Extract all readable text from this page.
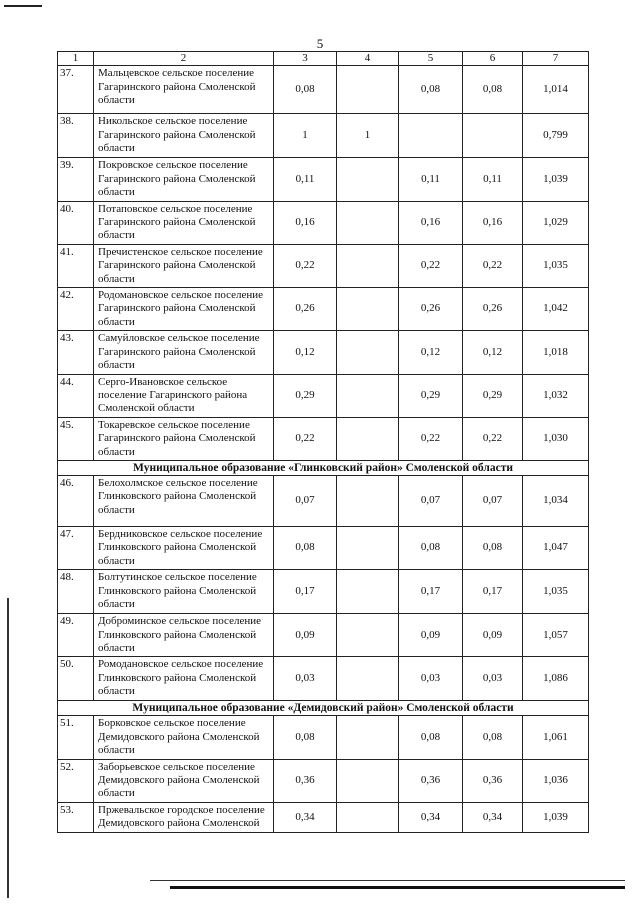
5
1	2	3	4	5	6	7
37.	Мальцевское сельское поселение Гагаринского района Смоленской области	0,08		0,08	0,08	1,014
38.	Никольское сельское поселение Гагаринского района Смоленской области	1	1			0,799
39.	Покровское сельское поселение Гагаринского района Смоленской области	0,11		0,11	0,11	1,039
40.	Потаповское сельское поселение Гагаринского района Смоленской области	0,16		0,16	0,16	1,029
41.	Пречистенское сельское поселение Гагаринского района Смоленской области	0,22		0,22	0,22	1,035
42.	Родомановское сельское поселение Гагаринского района Смоленской области	0,26		0,26	0,26	1,042
43.	Самуйловское сельское поселение Гагаринского района Смоленской области	0,12		0,12	0,12	1,018
44.	Серго-Ивановское сельское поселение Гагаринского района Смоленской области	0,29		0,29	0,29	1,032
45.	Токаревское сельское поселение Гагаринского района Смоленской области	0,22		0,22	0,22	1,030
Муниципальное образование «Глинковский район» Смоленской области						
46.	Белохолмское сельское поселение Глинковского района Смоленской области	0,07		0,07	0,07	1,034
47.	Бердниковское сельское поселение Глинковского района Смоленской области	0,08		0,08	0,08	1,047
48.	Болтутинское сельское поселение Глинковского района Смоленской области	0,17		0,17	0,17	1,035
49.	Доброминское сельское поселение Глинковского района Смоленской области	0,09		0,09	0,09	1,057
50.	Ромодановское сельское поселение Глинковского района Смоленской области	0,03		0,03	0,03	1,086
Муниципальное образование «Демидовский район» Смоленской области						
51.	Борковское сельское поселение Демидовского района Смоленской области	0,08		0,08	0,08	1,061
52.	Заборьевское сельское поселение Демидовского района Смоленской области	0,36		0,36	0,36	1,036
53.	Пржевальское городское поселение Демидовского района Смоленской	0,34		0,34	0,34	1,039
